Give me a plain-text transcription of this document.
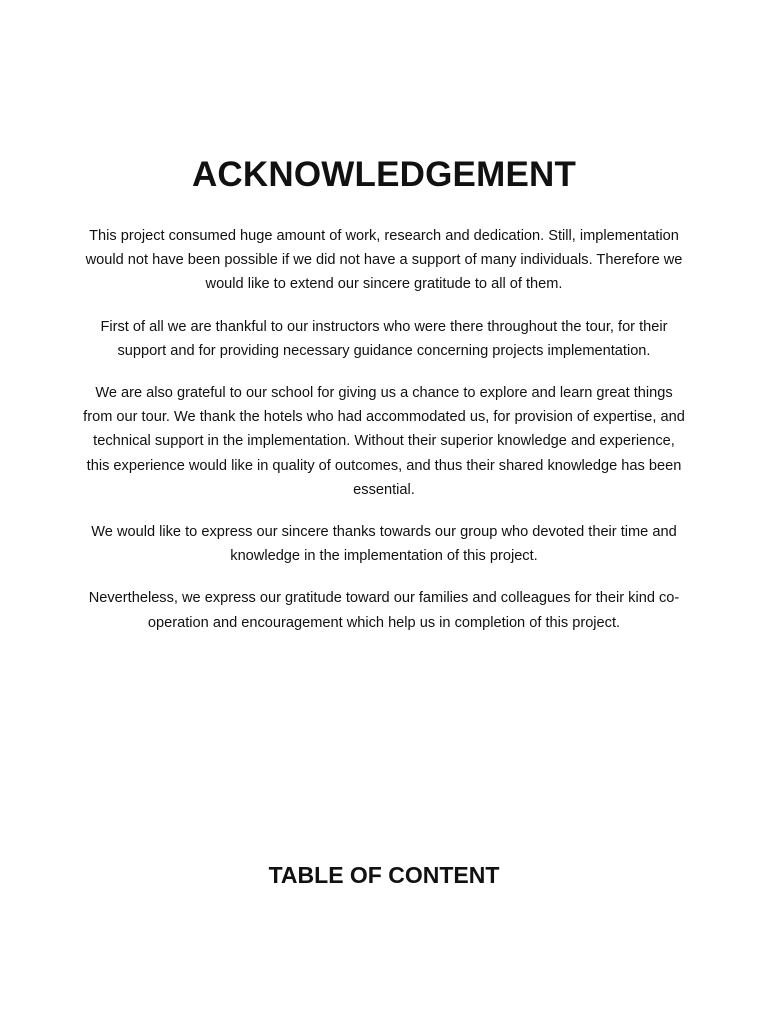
ACKNOWLEDGEMENT

This project consumed huge amount of work, research and dedication. Still, implementation would not have been possible if we did not have a support of many individuals. Therefore we would like to extend our sincere gratitude to all of them.

First of all we are thankful to our instructors who were there throughout the tour, for their support and for providing necessary guidance concerning projects implementation.

We are also grateful to our school for giving us a chance to explore and learn great things from our tour. We thank the hotels who had accommodated us, for provision of expertise, and technical support in the implementation. Without their superior knowledge and experience, this experience would like in quality of outcomes, and thus their shared knowledge has been essential.

We would like to express our sincere thanks towards our group who devoted their time and knowledge in the implementation of this project.

Nevertheless, we express our gratitude toward our families and colleagues for their kind co-operation and encouragement which help us in completion of this project.

TABLE OF CONTENT
